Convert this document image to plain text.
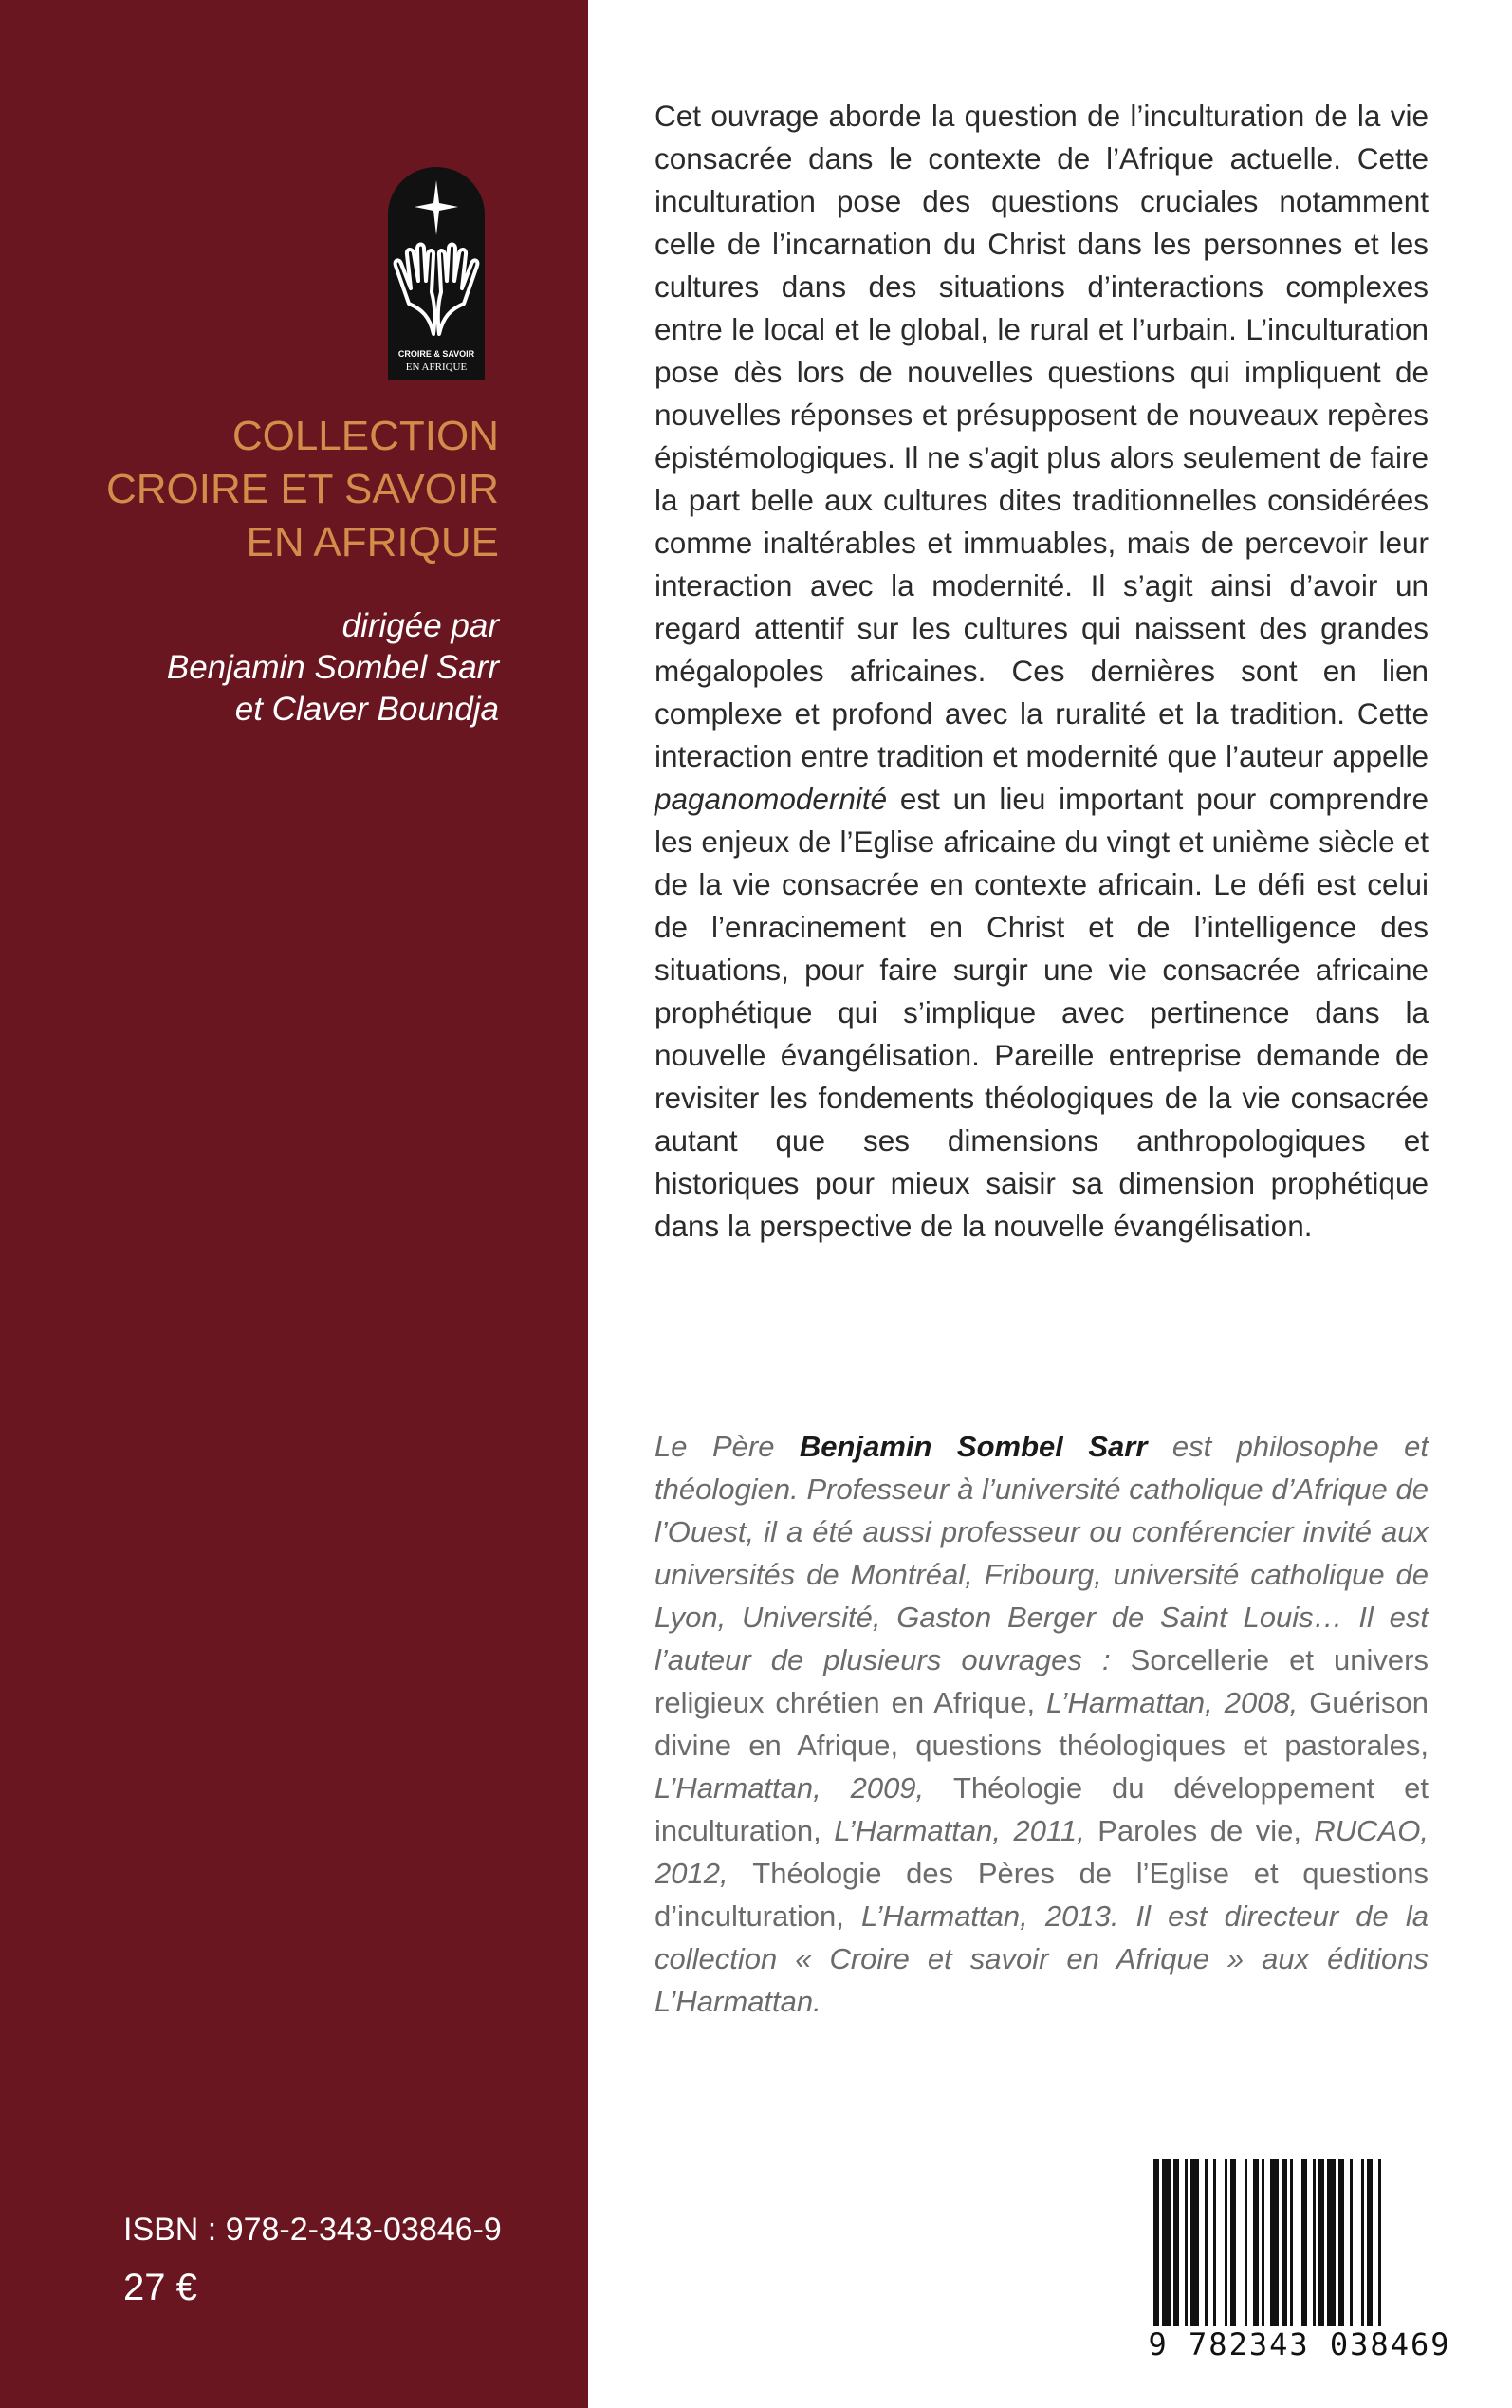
CROIRE & SAVOIR
EN AFRIQUE
COLLECTION
CROIRE ET SAVOIR
EN AFRIQUE
dirigée par
Benjamin Sombel Sarr
et Claver Boundja
Cet ouvrage aborde la question de l’inculturation de la vie consacrée dans le contexte de l’Afrique actuelle. Cette inculturation pose des questions cruciales notamment celle de l’incarnation du Christ dans les personnes et les cultures dans des situations d’interactions complexes entre le local et le global, le rural et l’urbain. L’inculturation pose dès lors de nouvelles questions qui impliquent de nouvelles réponses et présupposent de nouveaux repères épistémologiques. Il ne s’agit plus alors seulement de faire la part belle aux cultures dites traditionnelles considérées comme inaltérables et immuables, mais de percevoir leur interaction avec la modernité. Il s’agit ainsi d’avoir un regard attentif sur les cultures qui naissent des grandes mégalopoles africaines. Ces dernières sont en lien complexe et profond avec la ruralité et la tradition. Cette interaction entre tradition et modernité que l’auteur appelle paganomodernité est un lieu important pour comprendre les enjeux de l’Eglise africaine du vingt et unième siècle et de la vie consacrée en contexte africain. Le défi est celui de l’enracinement en Christ et de l’intelligence des situations, pour faire surgir une vie consacrée africaine prophétique qui s’implique avec pertinence dans la nouvelle évangélisation. Pareille entreprise demande de revisiter les fondements théologiques de la vie consacrée autant que ses dimensions anthropologiques et historiques pour mieux saisir sa dimension prophétique dans la perspective de la nouvelle évangélisation.
Le Père Benjamin Sombel Sarr est philosophe et théologien. Professeur à l’université catholique d’Afrique de l’Ouest, il a été aussi professeur ou conférencier invité aux universités de Montréal, Fribourg, université catholique de Lyon, Université, Gaston Berger de Saint Louis… Il est l’auteur de plusieurs ouvrages : Sorcellerie et univers religieux chrétien en Afrique, L’Harmattan, 2008, Guérison divine en Afrique, questions théologiques et pastorales, L’Harmattan, 2009, Théologie du développement et inculturation, L’Harmattan, 2011, Paroles de vie, RUCAO, 2012, Théologie des Pères de l’Eglise et questions d’inculturation, L’Harmattan, 2013. Il est directeur de la collection « Croire et savoir en Afrique » aux éditions L’Harmattan.
ISBN : 978-2-343-03846-9
27 €
9 782343 038469
